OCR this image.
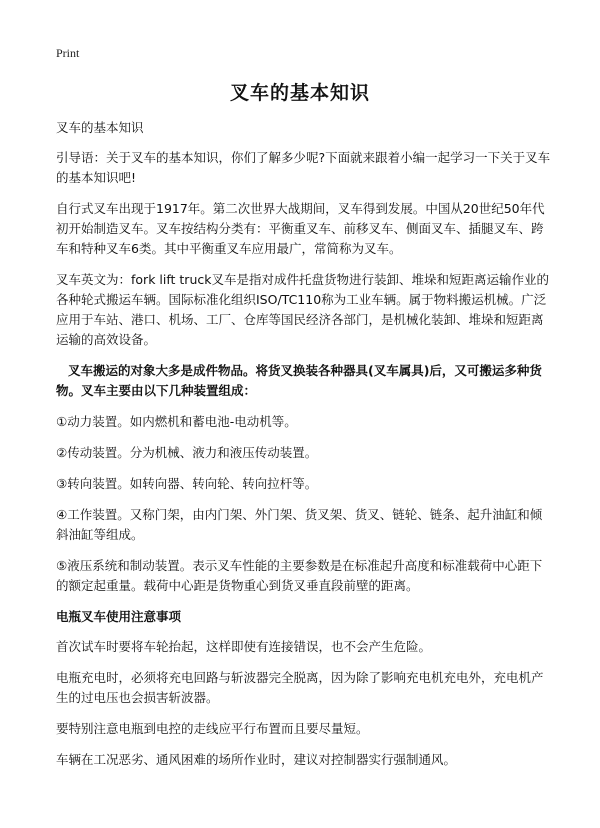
Print
叉车的基本知识

叉车的基本知识

引导语：关于叉车的基本知识，你们了解多少呢?下面就来跟着小编一起学习一下关于叉车的基本知识吧!

自行式叉车出现于1917年。第二次世界大战期间，叉车得到发展。中国从20世纪50年代初开始制造叉车。叉车按结构分类有：平衡重叉车、前移叉车、侧面叉车、插腿叉车、跨车和特种叉车6类。其中平衡重叉车应用最广，常简称为叉车。

叉车英文为：fork lift truck叉车是指对成件托盘货物进行装卸、堆垛和短距离运输作业的各种轮式搬运车辆。国际标准化组织ISO/TC110称为工业车辆。属于物料搬运机械。广泛应用于车站、港口、机场、工厂、仓库等国民经济各部门，是机械化装卸、堆垛和短距离运输的高效设备。

叉车搬运的对象大多是成件物品。将货叉换装各种器具(叉车属具)后，又可搬运多种货物。叉车主要由以下几种装置组成：

①动力装置。如内燃机和蓄电池-电动机等。

②传动装置。分为机械、液力和液压传动装置。

③转向装置。如转向器、转向轮、转向拉杆等。

④工作装置。又称门架，由内门架、外门架、货叉架、货叉、链轮、链条、起升油缸和倾斜油缸等组成。

⑤液压系统和制动装置。表示叉车性能的主要参数是在标准起升高度和标准载荷中心距下的额定起重量。载荷中心距是货物重心到货叉垂直段前壁的距离。

电瓶叉车使用注意事项

首次试车时要将车轮抬起，这样即使有连接错误，也不会产生危险。

电瓶充电时，必须将充电回路与斩波器完全脱离，因为除了影响充电机充电外，充电机产生的过电压也会损害斩波器。

要特别注意电瓶到电控的走线应平行布置而且要尽量短。

车辆在工况恶劣、通风困难的场所作业时，建议对控制器实行强制通风。
